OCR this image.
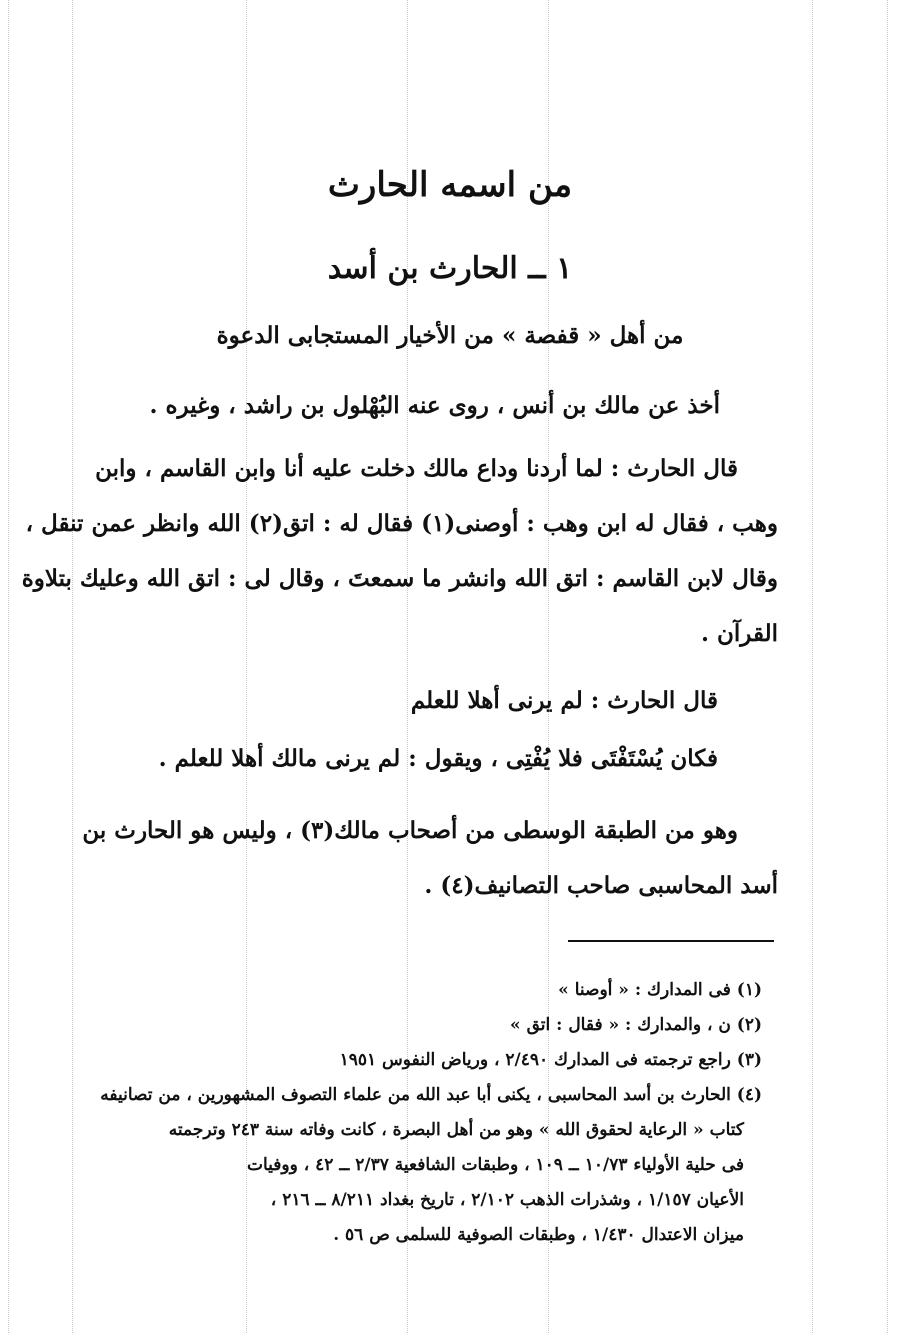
من اسمه الحارث
١ ــ الحارث بن أسد
من أهل « قفصة » من الأخيار المستجابى الدعوة
أخذ عن مالك بن أنس ، روى عنه البُهْلول بن راشد ، وغيره .
قال الحارث : لما أردنا وداع مالك دخلت عليه أنا وابن القاسم ، وابن
وهب ، فقال له ابن وهب : أوصنى(١) فقال له : اتق(٢) الله وانظر عمن تنقل ،
وقال لابن القاسم : اتق الله وانشر ما سمعتَ ، وقال لى : اتق الله وعليك بتلاوة
القرآن .
قال الحارث : لم يرنى أهلا للعلم
فكان يُسْتَفْتَى فلا يُفْتِى ، ويقول : لم يرنى مالك أهلا للعلم .
وهو من الطبقة الوسطى من أصحاب مالك(٣) ، وليس هو الحارث بن
أسد المحاسبى صاحب التصانيف(٤) .
(١) فى المدارك : « أوصنا »
(٢) ن ، والمدارك : « فقال : اتق »
(٣) راجع ترجمته فى المدارك ٢/٤٩٠ ، ورياض النفوس ١٩٥١
(٤) الحارث بن أسد المحاسبى ، يكنى أبا عبد الله من علماء التصوف المشهورين ، من تصانيفه
كتاب « الرعاية لحقوق الله » وهو من أهل البصرة ، كانت وفاته سنة ٢٤٣ وترجمته
فى حلية الأولياء ١٠/٧٣ ــ ١٠٩ ، وطبقات الشافعية ٢/٣٧ ــ ٤٢ ، ووفيات
الأعيان ١/١٥٧ ، وشذرات الذهب ٢/١٠٢ ، تاريخ بغداد ٨/٢١١ ــ ٢١٦ ،
ميزان الاعتدال ١/٤٣٠ ، وطبقات الصوفية للسلمى ص ٥٦ .
